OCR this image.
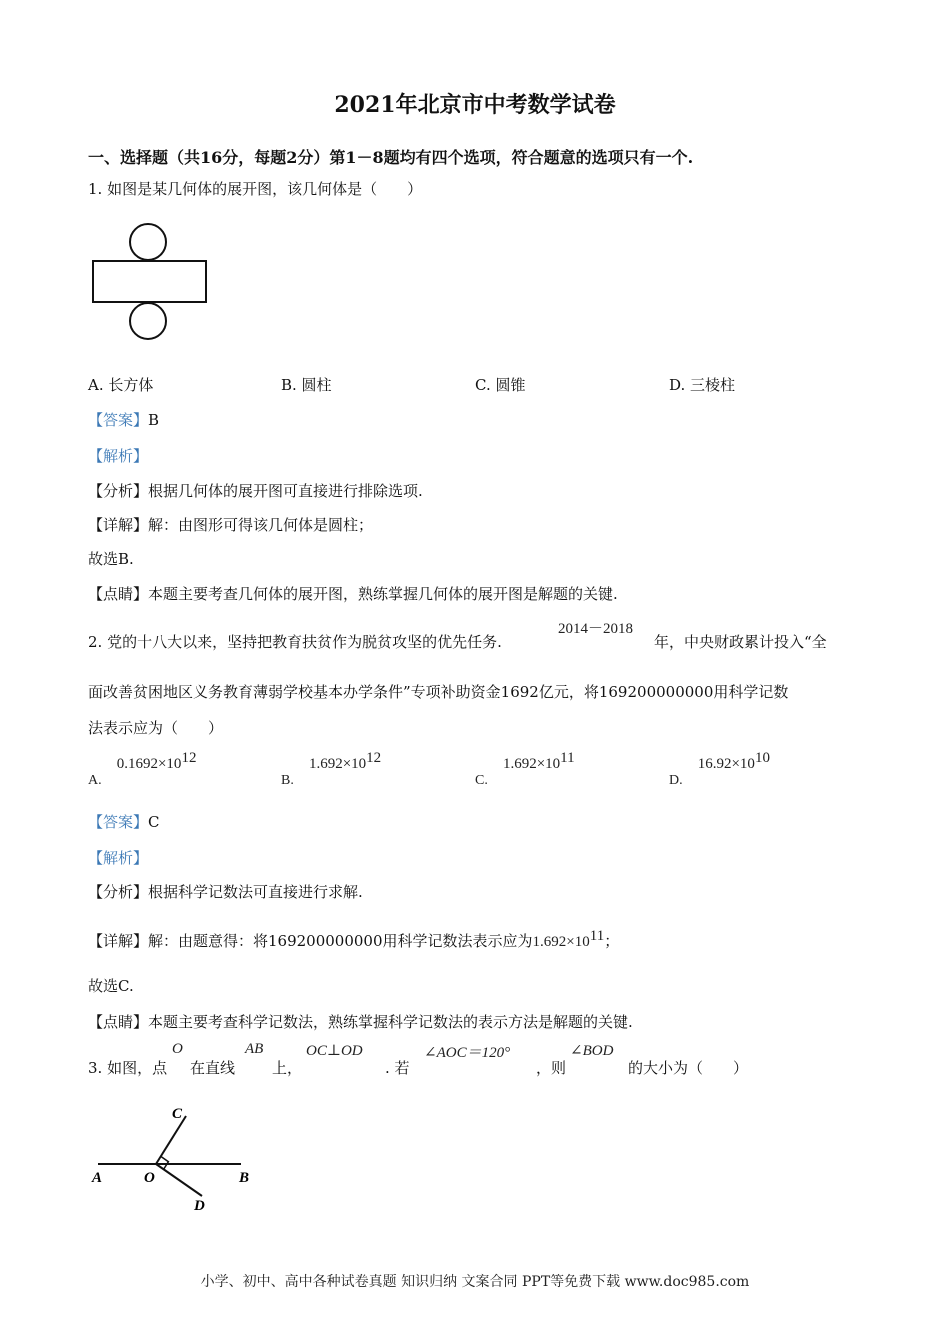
2021年北京市中考数学试卷
一、选择题（共16分，每题2分）第1－8题均有四个选项，符合题意的选项只有一个.
1. 如图是某几何体的展开图，该几何体是（　　）
A. 长方体	B. 圆柱	C. 圆锥	D. 三棱柱
【答案】B
【解析】
【分析】根据几何体的展开图可直接进行排除选项.
【详解】解：由图形可得该几何体是圆柱；
故选B.
【点睛】本题主要考查几何体的展开图，熟练掌握几何体的展开图是解题的关键.
2. 党的十八大以来，坚持把教育扶贫作为脱贫攻坚的优先任务.
2014－2018
年，中央财政累计投入“全
面改善贫困地区义务教育薄弱学校基本办学条件”专项补助资金1692亿元，将169200000000用科学记数
法表示应为（　　）
A. $0.1692\times 10^{12}$
B. $1.692\times 10^{12}$
C. $1.692\times 10^{11}$
D. $16.92\times 10^{10}$
【答案】C
【解析】
【分析】根据科学记数法可直接进行求解.
【详解】解：由题意得：将169200000000用科学记数法表示应为$1.692\times 10^{11}$；
故选C.
【点睛】本题主要考查科学记数法，熟练掌握科学记数法的表示方法是解题的关键.
3. 如图，点
O
在直线
AB
上，
OC⊥OD
. 若
∠AOC＝120°
，则
∠BOD
的大小为（　　）
C
A	O	B
D
小学、初中、高中各种试卷真题 知识归纳 文案合同 PPT等免费下载 www.doc985.com
